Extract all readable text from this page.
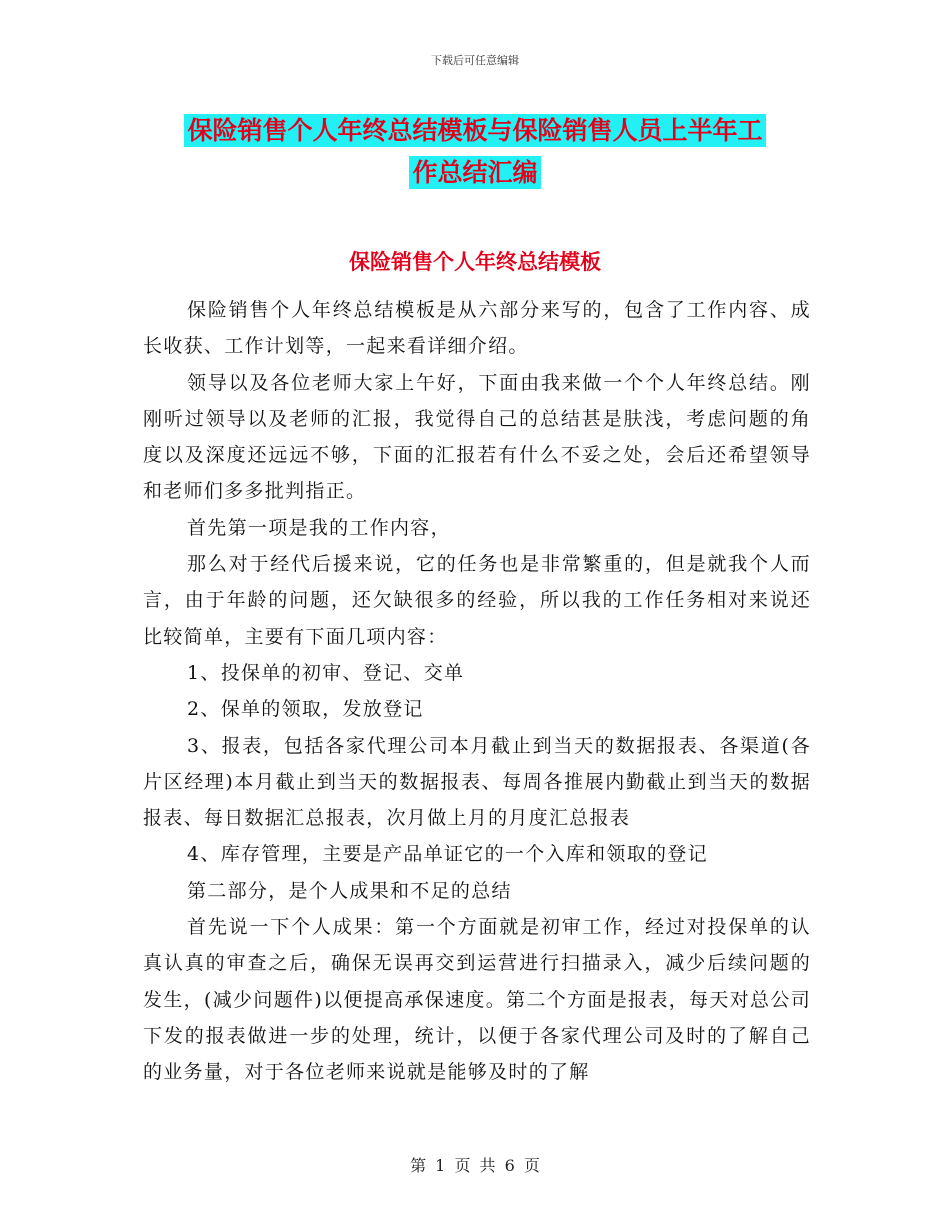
下载后可任意编辑
保险销售个人年终总结模板与保险销售人员上半年工
作总结汇编
保险销售个人年终总结模板

保险销售个人年终总结模板是从六部分来写的，包含了工作内容、成长收获、工作计划等，一起来看详细介绍。

领导以及各位老师大家上午好，下面由我来做一个个人年终总结。刚刚听过领导以及老师的汇报，我觉得自己的总结甚是肤浅，考虑问题的角度以及深度还远远不够，下面的汇报若有什么不妥之处，会后还希望领导和老师们多多批判指正。

首先第一项是我的工作内容，

那么对于经代后援来说，它的任务也是非常繁重的，但是就我个人而言，由于年龄的问题，还欠缺很多的经验，所以我的工作任务相对来说还比较简单，主要有下面几项内容：

1、投保单的初审、登记、交单

2、保单的领取，发放登记

3、报表，包括各家代理公司本月截止到当天的数据报表、各渠道(各片区经理)本月截止到当天的数据报表、每周各推展内勤截止到当天的数据报表、每日数据汇总报表，次月做上月的月度汇总报表

4、库存管理，主要是产品单证它的一个入库和领取的登记

第二部分，是个人成果和不足的总结

首先说一下个人成果：第一个方面就是初审工作，经过对投保单的认真认真的审查之后，确保无误再交到运营进行扫描录入，减少后续问题的发生，(减少问题件)以便提高承保速度。第二个方面是报表，每天对总公司下发的报表做进一步的处理，统计，以便于各家代理公司及时的了解自己的业务量，对于各位老师来说就是能够及时的了解

第 1 页 共 6 页
